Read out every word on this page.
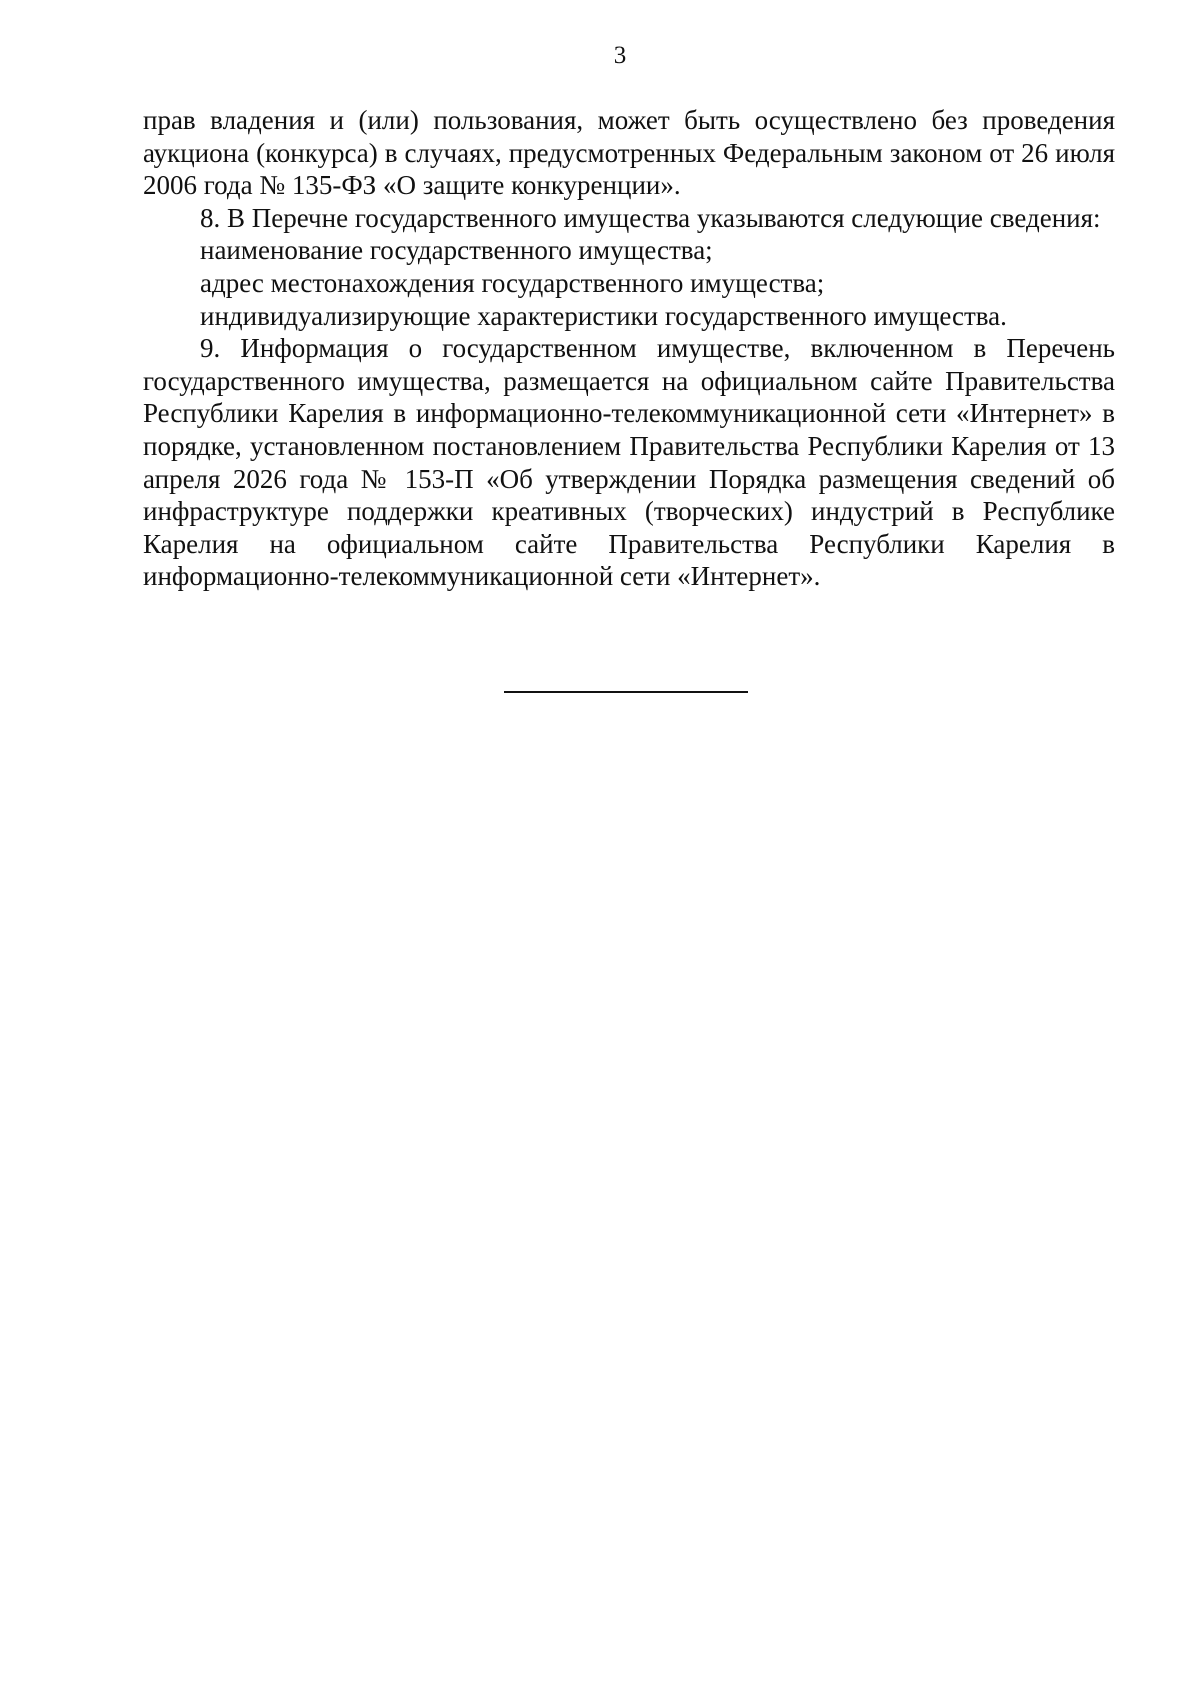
3

прав владения и (или) пользования, может быть осуществлено без проведения аукциона (конкурса) в случаях, предусмотренных Федеральным законом от 26 июля 2006 года № 135-ФЗ «О защите конкуренции».

8. В Перечне государственного имущества указываются следующие сведения:

наименование государственного имущества;

адрес местонахождения государственного имущества;

индивидуализирующие характеристики государственного имущества.

9. Информация о государственном имуществе, включенном в Перечень государственного имущества, размещается на официальном сайте Правительства Республики Карелия в информационно-телекоммуникационной сети «Интернет» в порядке, установленном постановлением Правительства Республики Карелия от 13 апреля 2026 года № 153-П «Об утверждении Порядка размещения сведений об инфраструктуре поддержки креативных (творческих) индустрий в Республике Карелия на официальном сайте Правительства Республики Карелия в информационно-телекоммуникационной сети «Интернет».
